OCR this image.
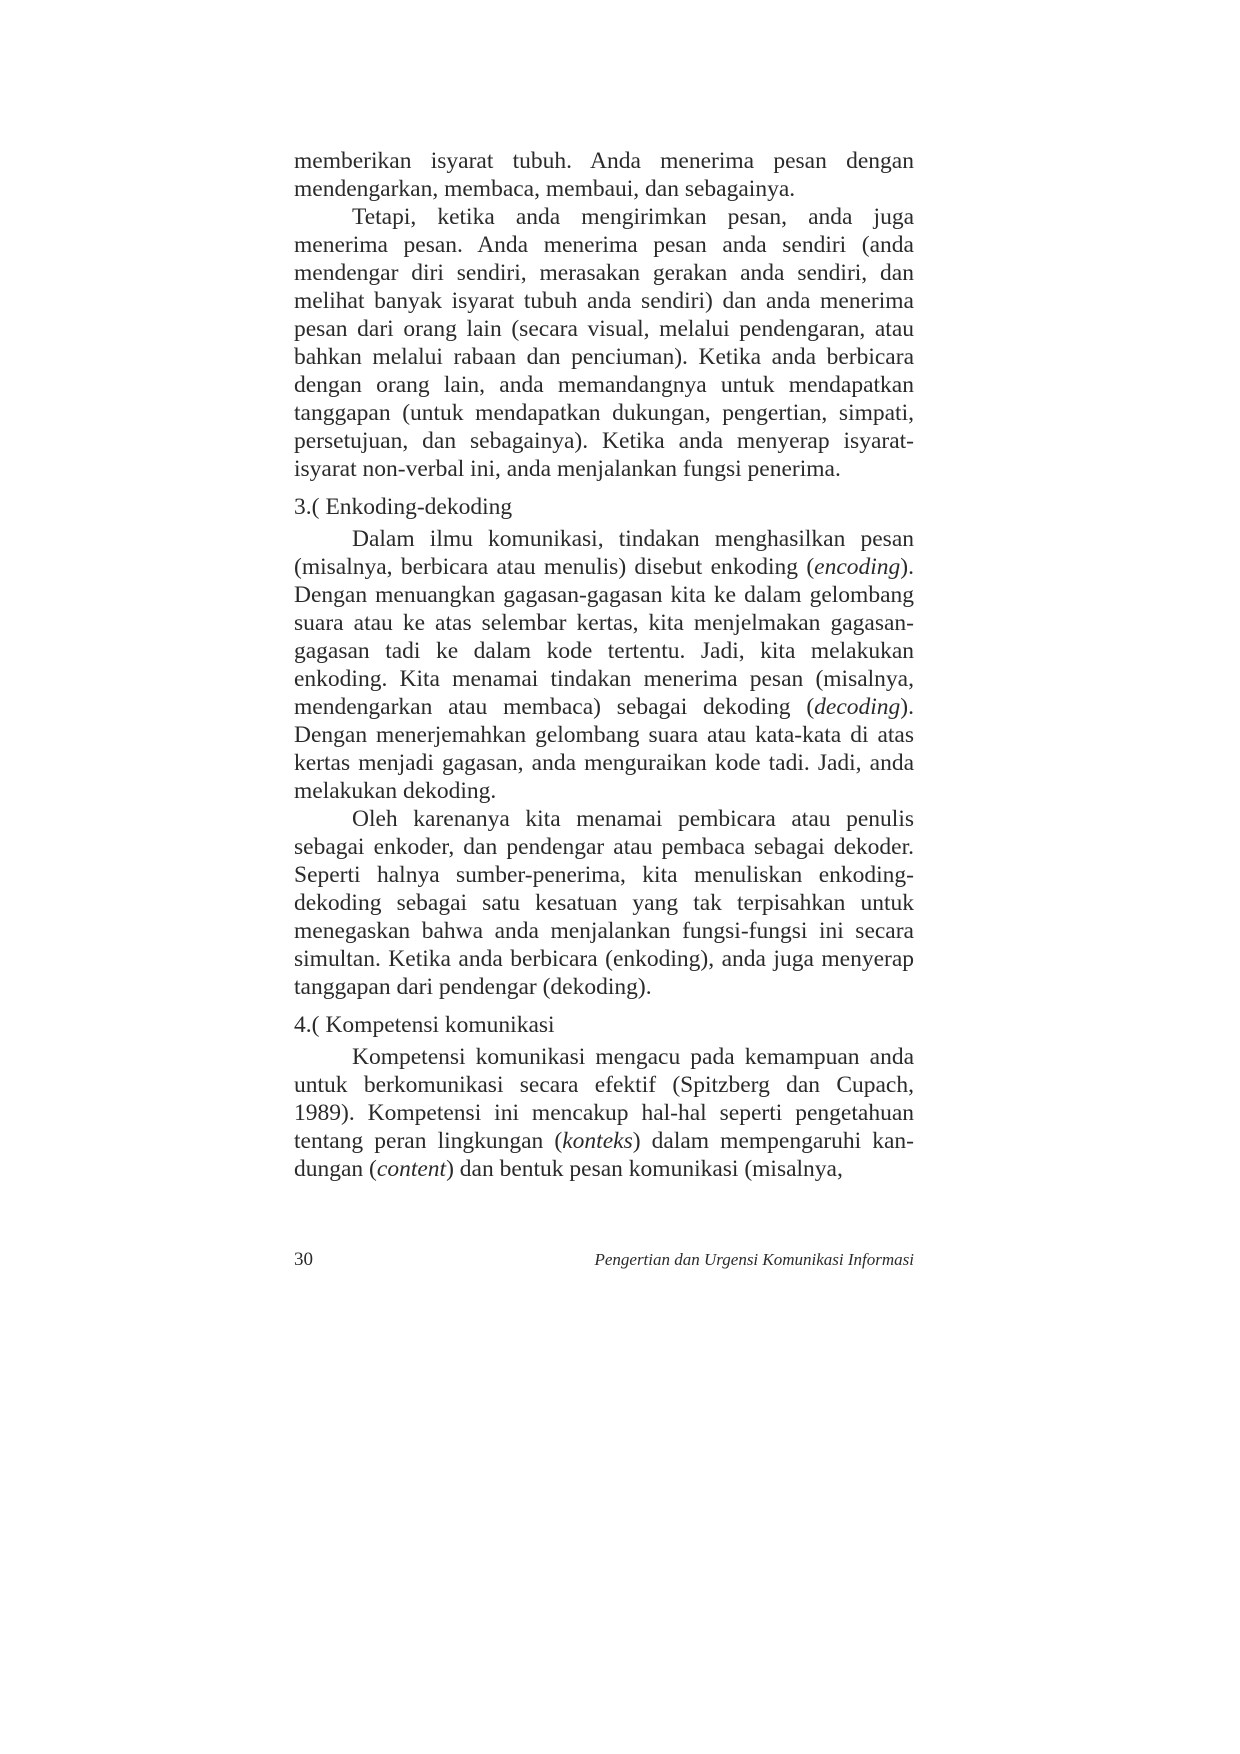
memberikan isyarat tubuh. Anda menerima pesan dengan mendengarkan, membaca, membaui, dan sebagainya.

Tetapi, ketika anda mengirimkan pesan, anda juga menerima pesan. Anda menerima pesan anda sendiri (anda mendengar diri sendiri, merasakan gerakan anda sendiri, dan melihat banyak isyarat tubuh anda sendiri) dan anda menerima pesan dari orang lain (secara visual, melalui pendengaran, atau bahkan melalui rabaan dan penciuman). Ketika anda berbicara dengan orang lain, anda memandangnya untuk mendapatkan tanggapan (untuk mendapatkan dukungan, pengertian, simpati, persetujuan, dan sebagainya). Ketika anda menyerap isyarat-isyarat non-verbal ini, anda menjalankan fungsi penerima.

3.( Enkoding-dekoding

Dalam ilmu komunikasi, tindakan menghasilkan pesan (misalnya, berbicara atau menulis) disebut enkoding (encoding). Dengan menuangkan gagasan-gagasan kita ke dalam gelombang suara atau ke atas selembar kertas, kita menjelmakan gagasan-gagasan tadi ke dalam kode tertentu. Jadi, kita melakukan enkoding. Kita menamai tindakan menerima pesan (misalnya, mendengarkan atau membaca) sebagai dekoding (decoding). Dengan menerjemahkan gelombang suara atau kata-kata di atas kertas menjadi gagasan, anda menguraikan kode tadi. Jadi, anda melakukan dekoding.

Oleh karenanya kita menamai pembicara atau penulis sebagai enkoder, dan pendengar atau pembaca sebagai dekoder. Seperti halnya sumber-penerima, kita menuliskan enkoding-dekoding sebagai satu kesatuan yang tak terpisahkan untuk menegaskan bahwa anda menjalankan fungsi-fungsi ini secara simultan. Ketika anda berbicara (enkoding), anda juga menyerap tanggapan dari pendengar (dekoding).

4.( Kompetensi komunikasi

Kompetensi komunikasi mengacu pada kemampuan anda untuk berkomunikasi secara efektif (Spitzberg dan Cupach, 1989). Kompetensi ini mencakup hal-hal seperti pengetahuan tentang peran lingkungan (konteks) dalam mempengaruhi kandungan (content) dan bentuk pesan komunikasi (misalnya,

30	Pengertian dan Urgensi Komunikasi Informasi
